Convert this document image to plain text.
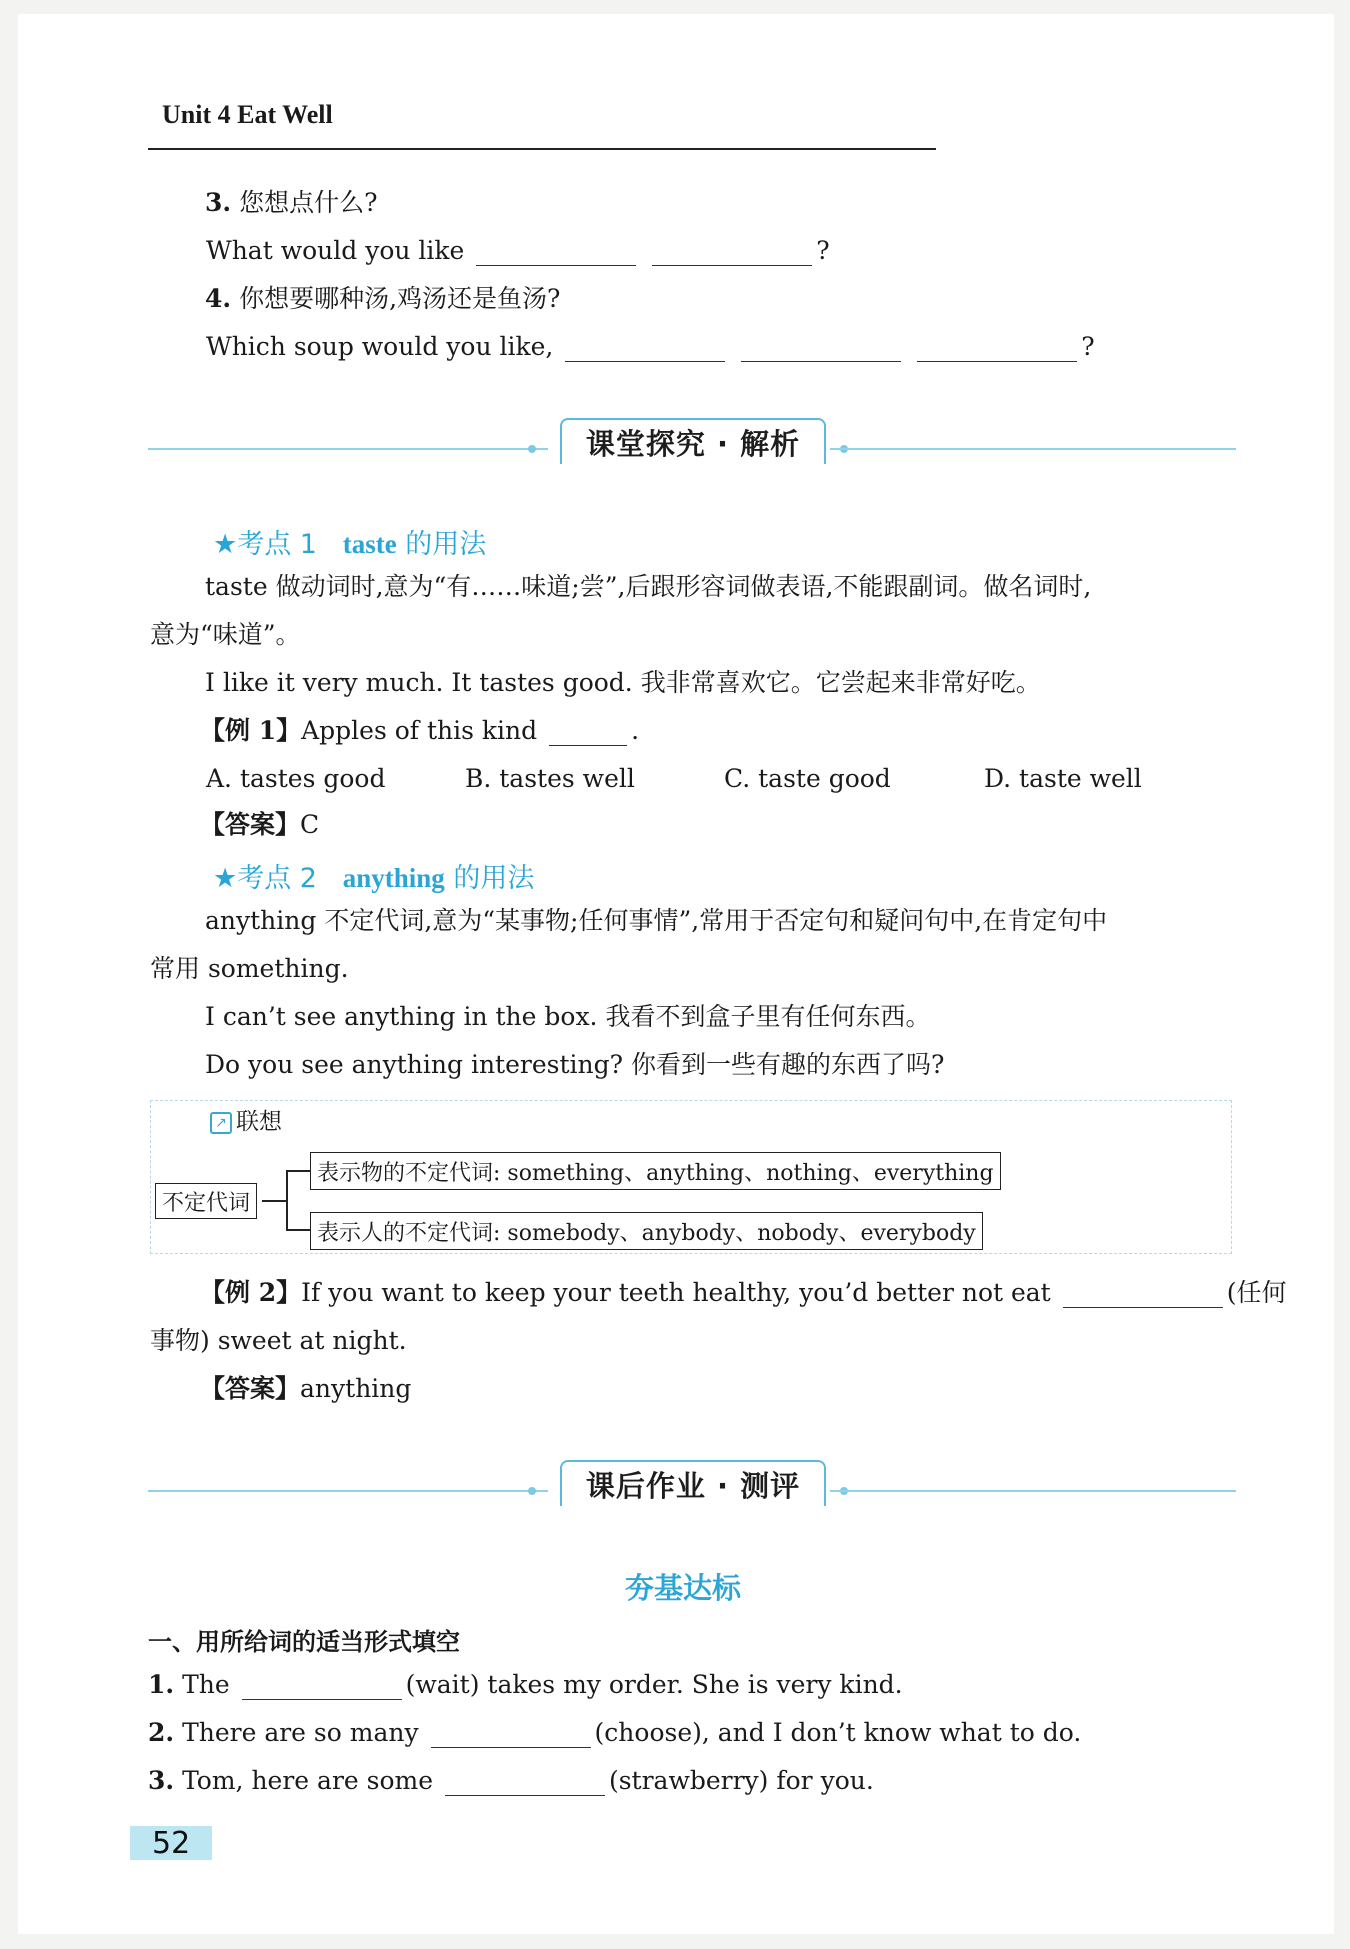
Unit 4 Eat Well
3. 您想点什么?
What would you like	?
4. 你想要哪种汤,鸡汤还是鱼汤?
Which soup would you like,	?
课堂探究 · 解析
★考点 1 taste 的用法
taste 做动词时,意为“有……味道;尝”,后跟形容词做表语,不能跟副词。做名词时,
意为“味道”。
I like it very much. It tastes good. 我非常喜欢它。它尝起来非常好吃。
【例 1】Apples of this kind	.
A. tastes good	B. tastes well	C. taste good	D. taste well
【答案】C
★考点 2 anything 的用法
anything 不定代词,意为“某事物;任何事情”,常用于否定句和疑问句中,在肯定句中
常用 something.
I can’t see anything in the box. 我看不到盒子里有任何东西。
Do you see anything interesting? 你看到一些有趣的东西了吗?
↗ 联想
不定代词
表示物的不定代词: something、anything、nothing、everything
表示人的不定代词: somebody、anybody、nobody、everybody
【例 2】If you want to keep your teeth healthy, you’d better not eat	(任何
事物) sweet at night.
【答案】anything
课后作业 · 测评
夯基达标
一、用所给词的适当形式填空
1. The	(wait) takes my order. She is very kind.
2. There are so many	(choose), and I don’t know what to do.
3. Tom, here are some	(strawberry) for you.
52
